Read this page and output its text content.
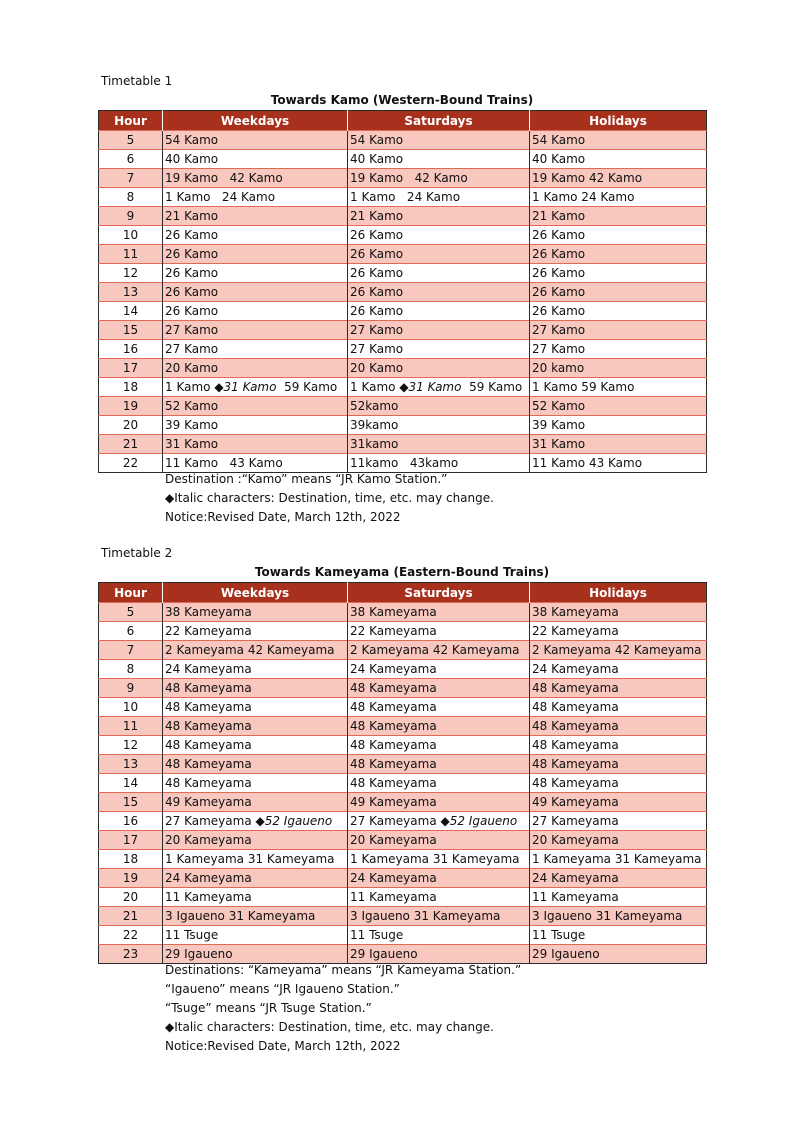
Timetable 1
Towards Kamo (Western-Bound Trains)
Hour	Weekdays	Saturdays	Holidays
5	54 Kamo	54 Kamo	54 Kamo
6	40 Kamo	40 Kamo	40 Kamo
7	19 Kamo   42 Kamo	19 Kamo   42 Kamo	19 Kamo 42 Kamo
8	1 Kamo   24 Kamo	1 Kamo   24 Kamo	1 Kamo 24 Kamo
9	21 Kamo	21 Kamo	21 Kamo
10	26 Kamo	26 Kamo	26 Kamo
11	26 Kamo	26 Kamo	26 Kamo
12	26 Kamo	26 Kamo	26 Kamo
13	26 Kamo	26 Kamo	26 Kamo
14	26 Kamo	26 Kamo	26 Kamo
15	27 Kamo	27 Kamo	27 Kamo
16	27 Kamo	27 Kamo	27 Kamo
17	20 Kamo	20 Kamo	20 kamo
18	1 Kamo ◆31 Kamo  59 Kamo	1 Kamo ◆31 Kamo  59 Kamo	1 Kamo 59 Kamo
19	52 Kamo	52kamo	52 Kamo
20	39 Kamo	39kamo	39 Kamo
21	31 Kamo	31kamo	31 Kamo
22	11 Kamo   43 Kamo	11kamo   43kamo	11 Kamo 43 Kamo
Destination :“Kamo” means “JR Kamo Station.”
◆Italic characters: Destination, time, etc. may change.
Notice:Revised Date, March 12th, 2022
Timetable 2
Towards Kameyama (Eastern-Bound Trains)
Hour	Weekdays	Saturdays	Holidays
5	38 Kameyama	38 Kameyama	38 Kameyama
6	22 Kameyama	22 Kameyama	22 Kameyama
7	2 Kameyama 42 Kameyama	2 Kameyama 42 Kameyama	2 Kameyama 42 Kameyama
8	24 Kameyama	24 Kameyama	24 Kameyama
9	48 Kameyama	48 Kameyama	48 Kameyama
10	48 Kameyama	48 Kameyama	48 Kameyama
11	48 Kameyama	48 Kameyama	48 Kameyama
12	48 Kameyama	48 Kameyama	48 Kameyama
13	48 Kameyama	48 Kameyama	48 Kameyama
14	48 Kameyama	48 Kameyama	48 Kameyama
15	49 Kameyama	49 Kameyama	49 Kameyama
16	27 Kameyama ◆52 Igaueno	27 Kameyama ◆52 Igaueno	27 Kameyama
17	20 Kameyama	20 Kameyama	20 Kameyama
18	1 Kameyama 31 Kameyama	1 Kameyama 31 Kameyama	1 Kameyama 31 Kameyama
19	24 Kameyama	24 Kameyama	24 Kameyama
20	11 Kameyama	11 Kameyama	11 Kameyama
21	3 Igaueno 31 Kameyama	3 Igaueno 31 Kameyama	3 Igaueno 31 Kameyama
22	11 Tsuge	11 Tsuge	11 Tsuge
23	29 Igaueno	29 Igaueno	29 Igaueno
Destinations: “Kameyama” means “JR Kameyama Station.”
“Igaueno” means “JR Igaueno Station.”
“Tsuge” means “JR Tsuge Station.”
◆Italic characters: Destination, time, etc. may change.
Notice:Revised Date, March 12th, 2022
